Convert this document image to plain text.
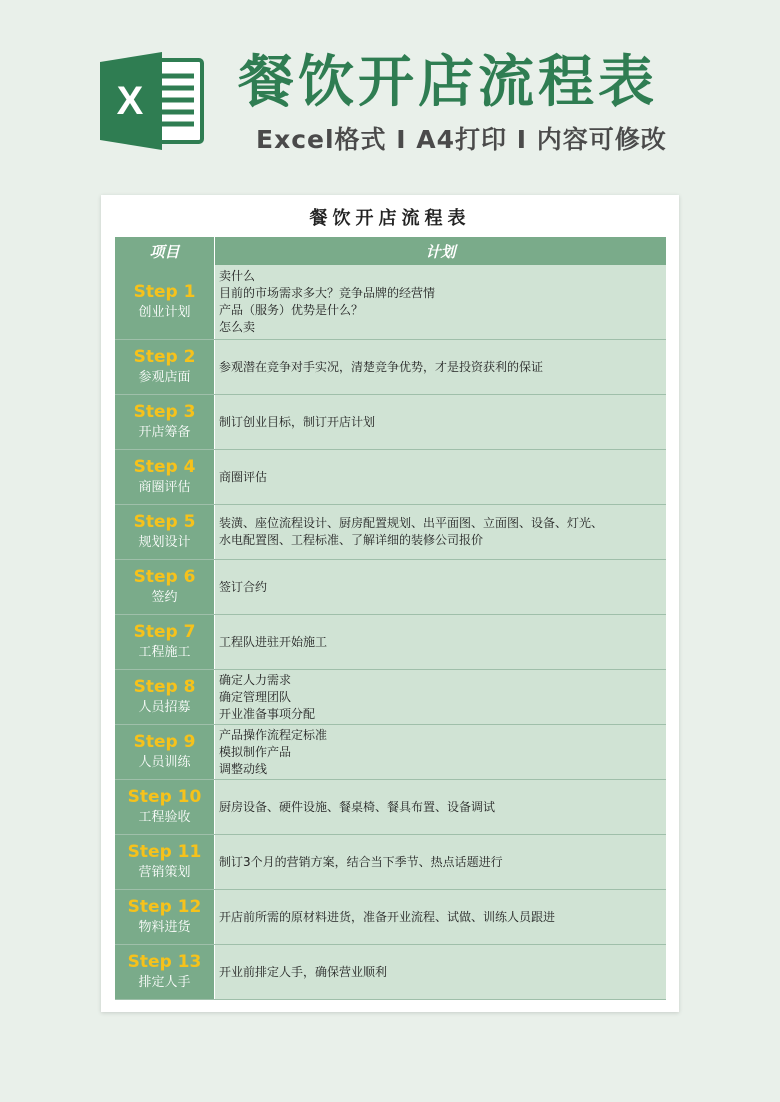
X 餐饮开店流程表
Excel格式 I A4打印 I 内容可修改
餐饮开店流程表
项目	计划
Step 1
创业计划
卖什么
目前的市场需求多大？竞争品牌的经营情
产品（服务）优势是什么？
怎么卖
Step 2
参观店面
参观潜在竞争对手实况，清楚竞争优势，才是投资获利的保证
Step 3
开店筹备
制订创业目标，制订开店计划
Step 4
商圈评估
商圈评估
Step 5
规划设计
装潢、座位流程设计、厨房配置规划、出平面图、立面图、设备、灯光、
水电配置图、工程标准、了解详细的装修公司报价
Step 6
签约
签订合约
Step 7
工程施工
工程队进驻开始施工
Step 8
人员招募
确定人力需求
确定管理团队
开业准备事项分配
Step 9
人员训练
产品操作流程定标准
模拟制作产品
调整动线
Step 10
工程验收
厨房设备、硬件设施、餐桌椅、餐具布置、设备调试
Step 11
营销策划
制订3个月的营销方案，结合当下季节、热点话题进行
Step 12
物料进货
开店前所需的原材料进货，准备开业流程、试做、训练人员跟进
Step 13
排定人手
开业前排定人手，确保营业顺利
